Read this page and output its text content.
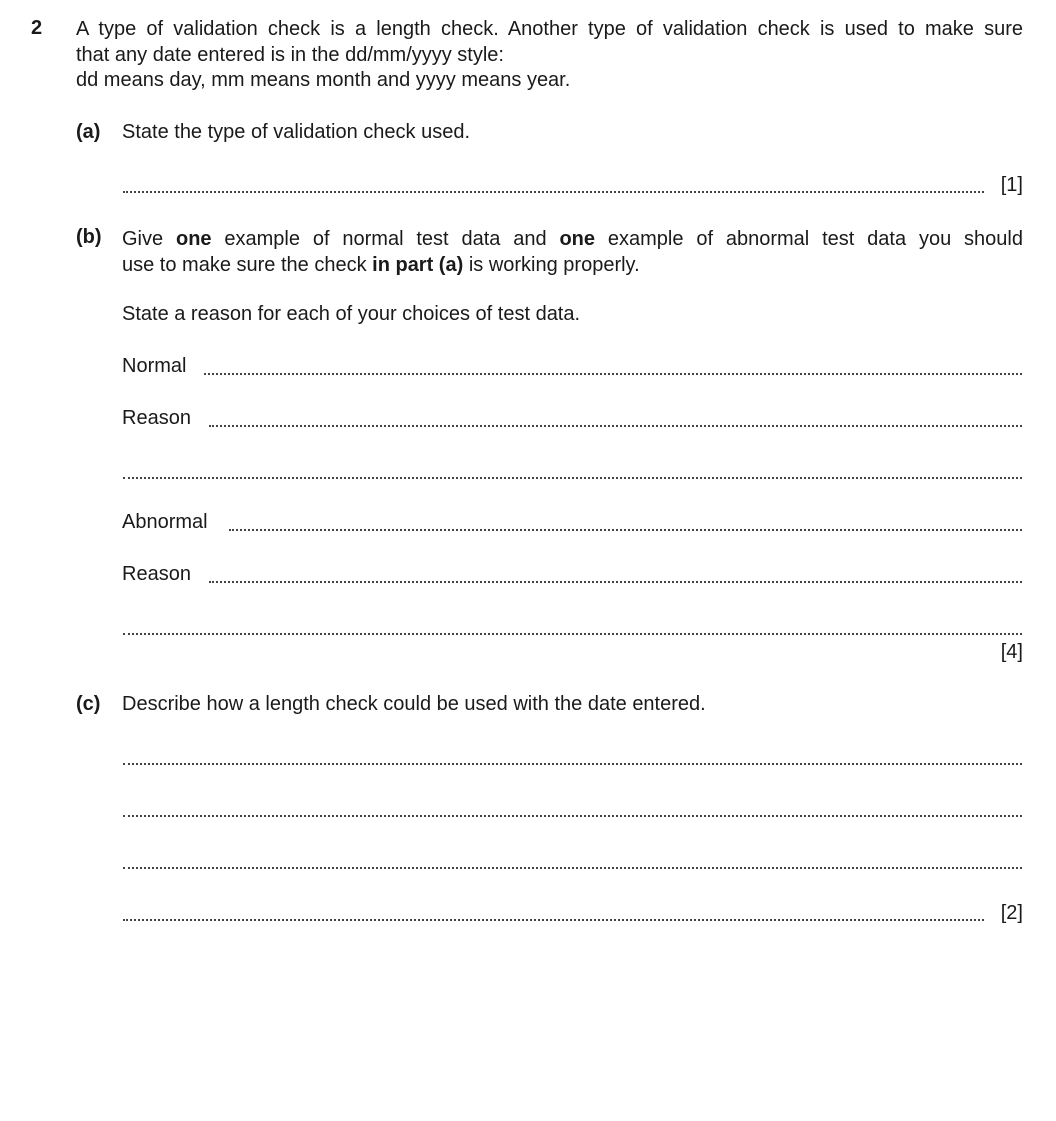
2 A type of validation check is a length check. Another type of validation check is used to make sure
that any date entered is in the dd/mm/yyyy style:
dd means day, mm means month and yyyy means year.
(a) State the type of validation check used.
[1]
(b) Give one example of normal test data and one example of abnormal test data you should
use to make sure the check in part (a) is working properly.
State a reason for each of your choices of test data.
Normal
Reason
Abnormal
Reason
[4]
(c) Describe how a length check could be used with the date entered.
[2]
